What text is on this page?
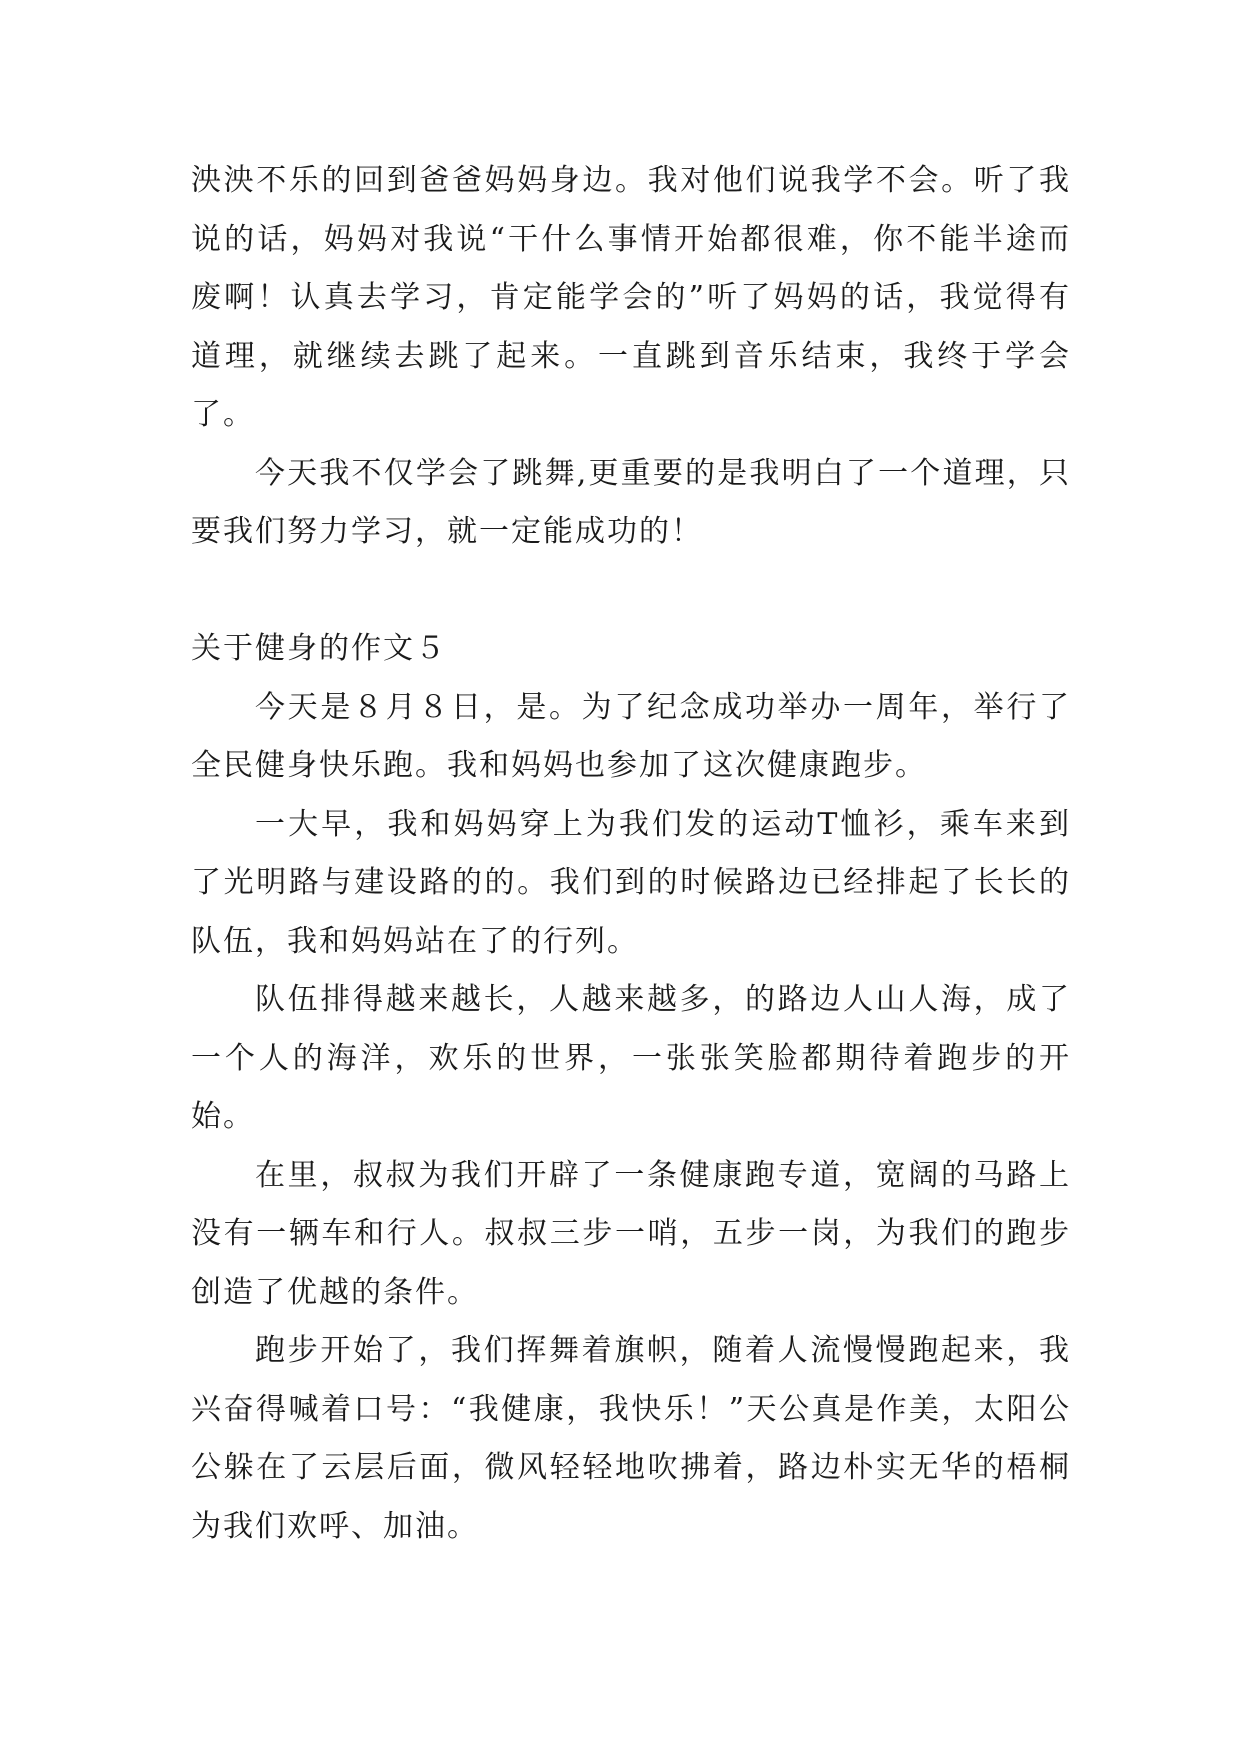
泱泱不乐的回到爸爸妈妈身边。我对他们说我学不会。听了我说的话，妈妈对我说“干什么事情开始都很难，你不能半途而废啊！认真去学习，肯定能学会的”听了妈妈的话，我觉得有道理，就继续去跳了起来。一直跳到音乐结束，我终于学会了。

今天我不仅学会了跳舞,更重要的是我明白了一个道理，只要我们努力学习，就一定能成功的！

关于健身的作文５

今天是８月８日，是。为了纪念成功举办一周年，举行了全民健身快乐跑。我和妈妈也参加了这次健康跑步。

一大早，我和妈妈穿上为我们发的运动T恤衫，乘车来到了光明路与建设路的的。我们到的时候路边已经排起了长长的队伍，我和妈妈站在了的行列。

队伍排得越来越长，人越来越多，的路边人山人海，成了一个人的海洋，欢乐的世界，一张张笑脸都期待着跑步的开始。

在里，叔叔为我们开辟了一条健康跑专道，宽阔的马路上没有一辆车和行人。叔叔三步一哨，五步一岗，为我们的跑步创造了优越的条件。

跑步开始了，我们挥舞着旗帜，随着人流慢慢跑起来，我兴奋得喊着口号：“我健康，我快乐！”天公真是作美，太阳公公躲在了云层后面，微风轻轻地吹拂着，路边朴实无华的梧桐为我们欢呼、加油。
